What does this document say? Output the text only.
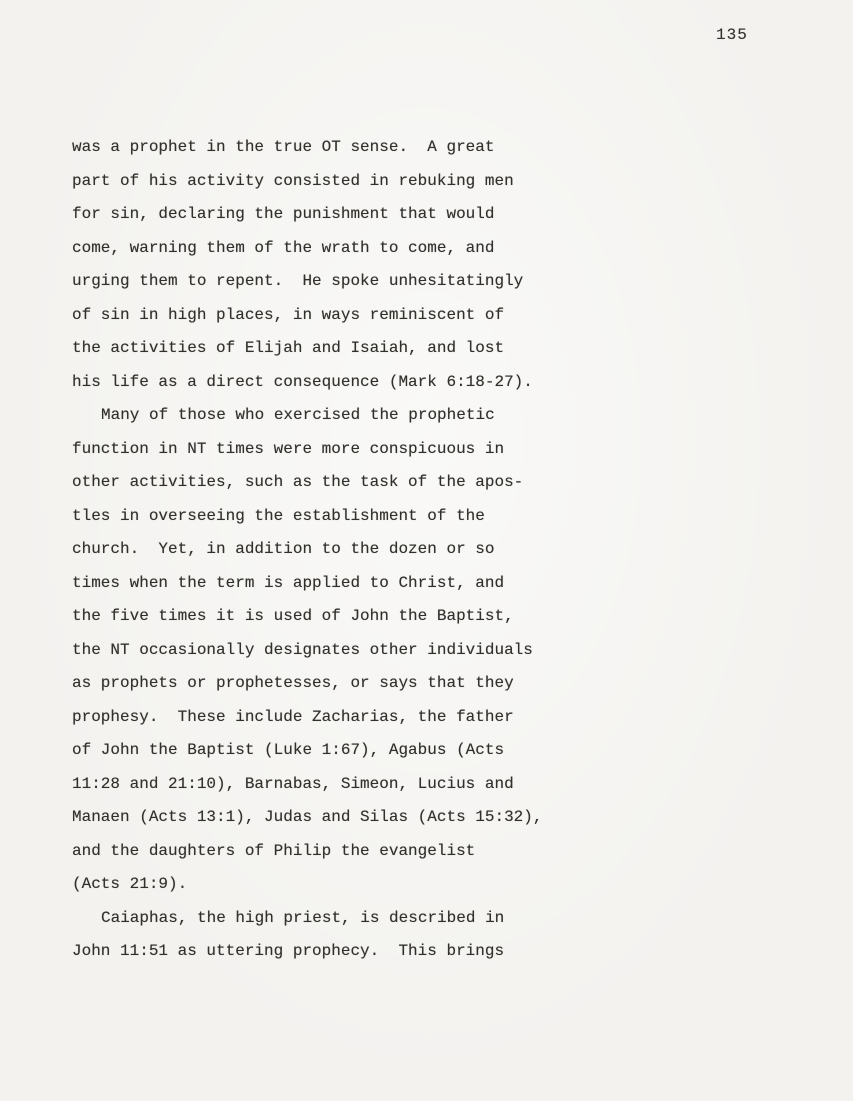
135
was a prophet in the true OT sense.  A great
part of his activity consisted in rebuking men
for sin, declaring the punishment that would
come, warning them of the wrath to come, and
urging them to repent.  He spoke unhesitatingly
of sin in high places, in ways reminiscent of
the activities of Elijah and Isaiah, and lost
his life as a direct consequence (Mark 6:18-27).
Many of those who exercised the prophetic
function in NT times were more conspicuous in
other activities, such as the task of the apos-
tles in overseeing the establishment of the
church.  Yet, in addition to the dozen or so
times when the term is applied to Christ, and
the five times it is used of John the Baptist,
the NT occasionally designates other individuals
as prophets or prophetesses, or says that they
prophesy.  These include Zacharias, the father
of John the Baptist (Luke 1:67), Agabus (Acts
11:28 and 21:10), Barnabas, Simeon, Lucius and
Manaen (Acts 13:1), Judas and Silas (Acts 15:32),
and the daughters of Philip the evangelist
(Acts 21:9).
Caiaphas, the high priest, is described in
John 11:51 as uttering prophecy.  This brings
